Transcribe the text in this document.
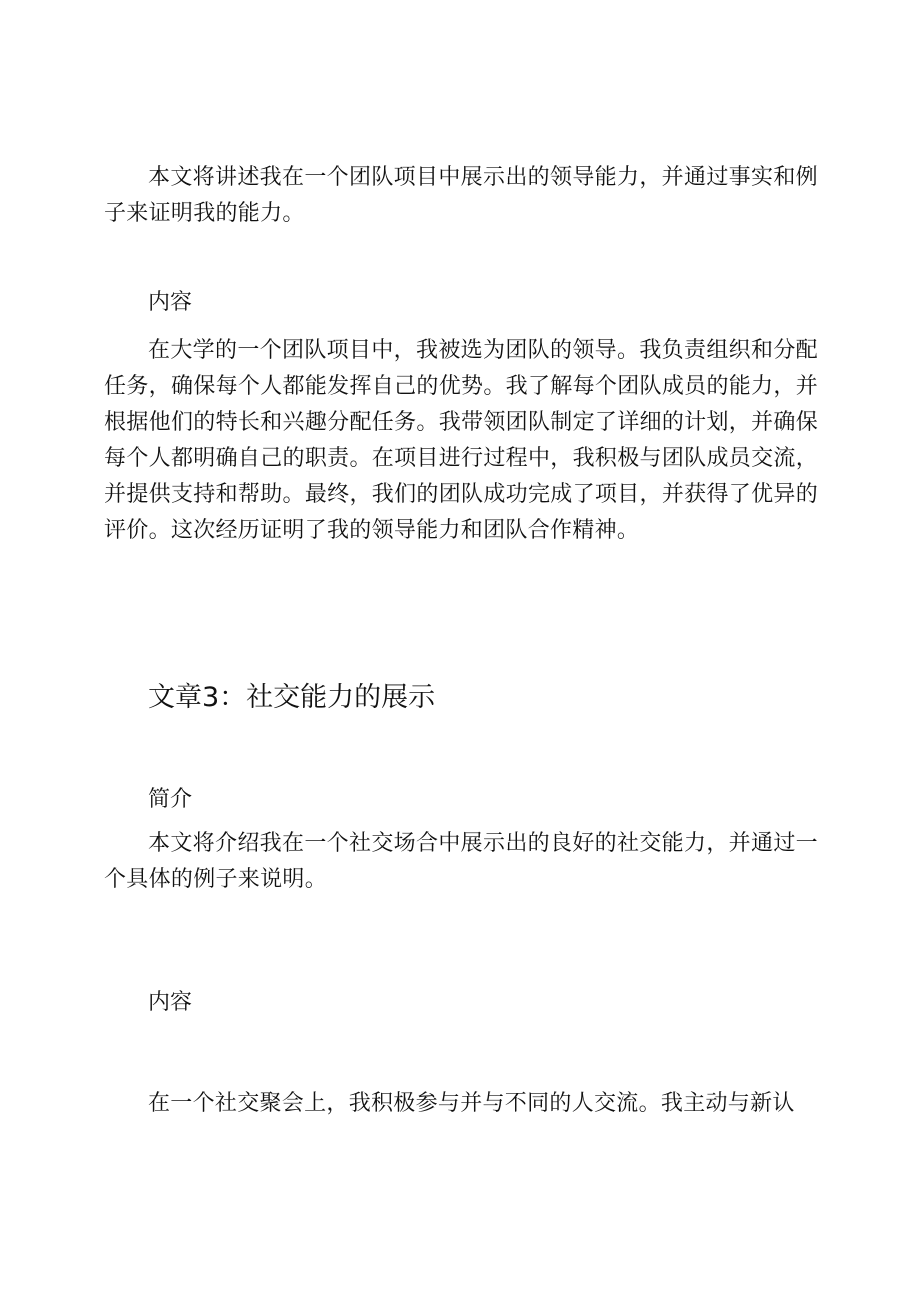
本文将讲述我在一个团队项目中展示出的领导能力，并通过事实和例子来证明我的能力。

内容

在大学的一个团队项目中，我被选为团队的领导。我负责组织和分配任务，确保每个人都能发挥自己的优势。我了解每个团队成员的能力，并根据他们的特长和兴趣分配任务。我带领团队制定了详细的计划，并确保每个人都明确自己的职责。在项目进行过程中，我积极与团队成员交流，并提供支持和帮助。最终，我们的团队成功完成了项目，并获得了优异的评价。这次经历证明了我的领导能力和团队合作精神。

文章3：社交能力的展示
简介

本文将介绍我在一个社交场合中展示出的良好的社交能力，并通过一个具体的例子来说明。

内容

在一个社交聚会上，我积极参与并与不同的人交流。我主动与新认
